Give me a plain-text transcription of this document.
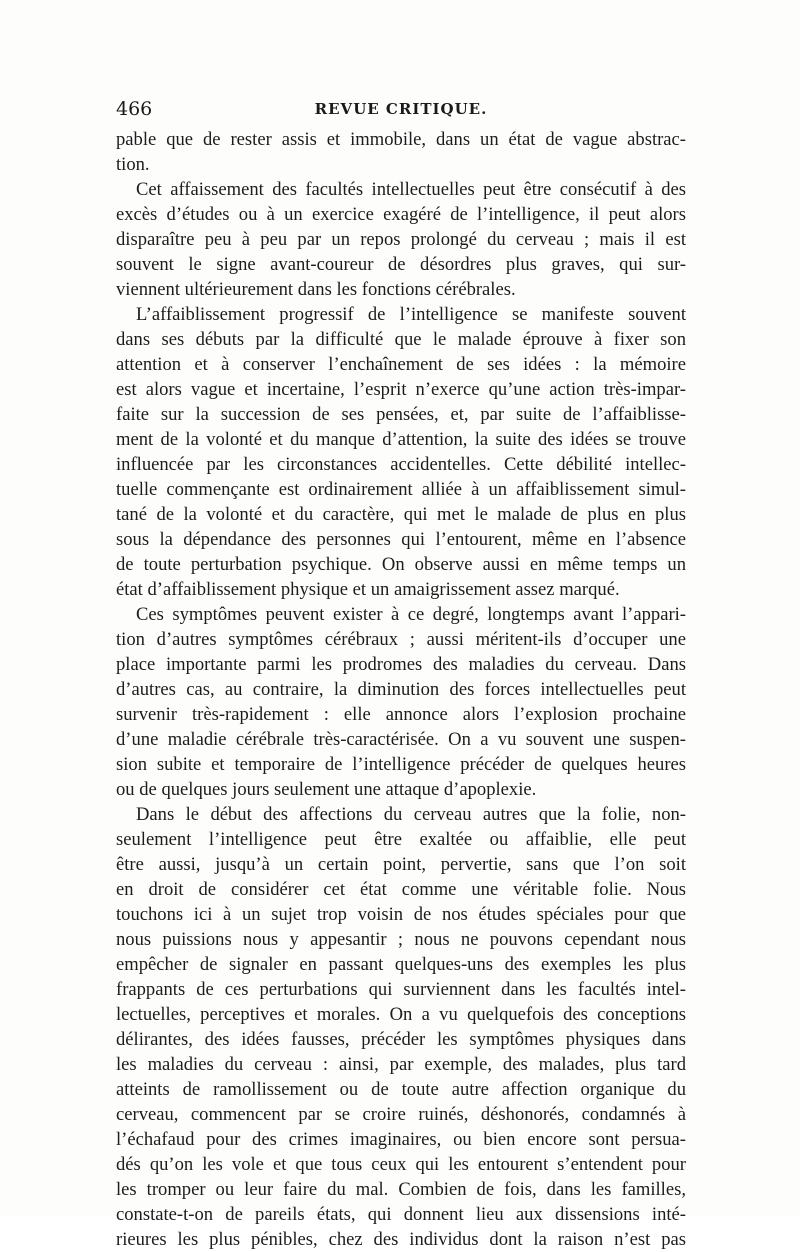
466	REVUE CRITIQUE.
pable que de rester assis et immobile, dans un état de vague abstrac-
tion.
Cet affaissement des facultés intellectuelles peut être consécutif à des
excès d’études ou à un exercice exagéré de l’intelligence, il peut alors
disparaître peu à peu par un repos prolongé du cerveau ; mais il est
souvent le signe avant-coureur de désordres plus graves, qui sur-
viennent ultérieurement dans les fonctions cérébrales.
L’affaiblissement progressif de l’intelligence se manifeste souvent
dans ses débuts par la difficulté que le malade éprouve à fixer son
attention et à conserver l’enchaînement de ses idées : la mémoire
est alors vague et incertaine, l’esprit n’exerce qu’une action très-impar-
faite sur la succession de ses pensées, et, par suite de l’affaiblisse-
ment de la volonté et du manque d’attention, la suite des idées se trouve
influencée par les circonstances accidentelles. Cette débilité intellec-
tuelle commençante est ordinairement alliée à un affaiblissement simul-
tané de la volonté et du caractère, qui met le malade de plus en plus
sous la dépendance des personnes qui l’entourent, même en l’absence
de toute perturbation psychique. On observe aussi en même temps un
état d’affaiblissement physique et un amaigrissement assez marqué.
Ces symptômes peuvent exister à ce degré, longtemps avant l’appari-
tion d’autres symptômes cérébraux ; aussi méritent-ils d’occuper une
place importante parmi les prodromes des maladies du cerveau. Dans
d’autres cas, au contraire, la diminution des forces intellectuelles peut
survenir très-rapidement : elle annonce alors l’explosion prochaine
d’une maladie cérébrale très-caractérisée. On a vu souvent une suspen-
sion subite et temporaire de l’intelligence précéder de quelques heures
ou de quelques jours seulement une attaque d’apoplexie.
Dans le début des affections du cerveau autres que la folie, non-
seulement l’intelligence peut être exaltée ou affaiblie, elle peut
être aussi, jusqu’à un certain point, pervertie, sans que l’on soit
en droit de considérer cet état comme une véritable folie. Nous
touchons ici à un sujet trop voisin de nos études spéciales pour que
nous puissions nous y appesantir ; nous ne pouvons cependant nous
empêcher de signaler en passant quelques-uns des exemples les plus
frappants de ces perturbations qui surviennent dans les facultés intel-
lectuelles, perceptives et morales. On a vu quelquefois des conceptions
délirantes, des idées fausses, précéder les symptômes physiques dans
les maladies du cerveau : ainsi, par exemple, des malades, plus tard
atteints de ramollissement ou de toute autre affection organique du
cerveau, commencent par se croire ruinés, déshonorés, condamnés à
l’échafaud pour des crimes imaginaires, ou bien encore sont persua-
dés qu’on les vole et que tous ceux qui les entourent s’entendent pour
les tromper ou leur faire du mal. Combien de fois, dans les familles,
constate-t-on de pareils états, qui donnent lieu aux dissensions inté-
rieures les plus pénibles, chez des individus dont la raison n’est pas
